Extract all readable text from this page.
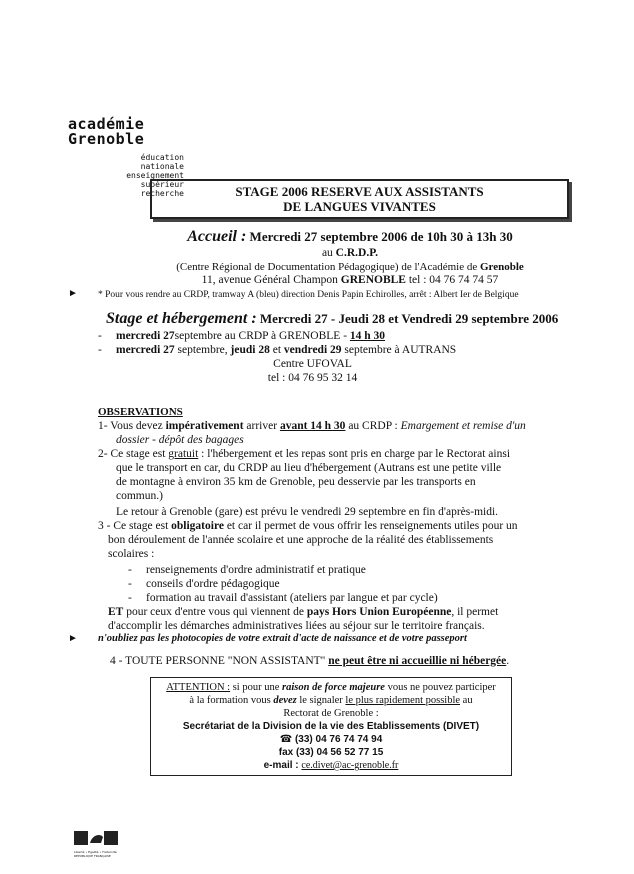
académie
Grenoble
éducation
nationale
enseignement
supérieur
recherche	STAGE 2006 RESERVE AUX ASSISTANTS
DE LANGUES VIVANTES
Accueil : Mercredi 27 septembre 2006 de 10h 30 à 13h 30
au C.R.D.P.
(Centre Régional de Documentation Pédagogique) de l'Académie de Grenoble
11, avenue Général Champon GRENOBLE tel : 04 76 74 74 57
► * Pour vous rendre au CRDP, tramway A (bleu) direction Denis Papin Echirolles, arrêt : Albert Ier de Belgique
Stage et hébergement : Mercredi 27 - Jeudi 28 et Vendredi 29 septembre 2006
- mercredi 27septembre au CRDP à GRENOBLE - 14 h 30
- mercredi 27 septembre, jeudi 28 et vendredi 29 septembre à AUTRANS
Centre UFOVAL
tel : 04 76 95 32 14
OBSERVATIONS
1- Vous devez impérativement arriver avant 14 h 30 au CRDP : Emargement et remise d'un
dossier - dépôt des bagages
2- Ce stage est gratuit : l'hébergement et les repas sont pris en charge par le Rectorat ainsi
que le transport en car, du CRDP au lieu d'hébergement (Autrans est une petite ville
de montagne à environ 35 km de Grenoble, peu desservie par les transports en
commun.)
Le retour à Grenoble (gare) est prévu le vendredi 29 septembre en fin d'après-midi.
3 - Ce stage est obligatoire et car il permet de vous offrir les renseignements utiles pour un
bon déroulement de l'année scolaire et une approche de la réalité des établissements
scolaires :
- renseignements d'ordre administratif et pratique
- conseils d'ordre pédagogique
- formation au travail d'assistant (ateliers par langue et par cycle)
ET pour ceux d'entre vous qui viennent de pays Hors Union Européenne, il permet
d'accomplir les démarches administratives liées au séjour sur le territoire français.
► n'oubliez pas les photocopies de votre extrait d'acte de naissance et de votre passeport
4 - TOUTE PERSONNE "NON ASSISTANT" ne peut être ni accueillie ni hébergée.
ATTENTION : si pour une raison de force majeure vous ne pouvez participer
à la formation vous devez le signaler le plus rapidement possible au
Rectorat de Grenoble :
Secrétariat de la Division de la vie des Etablissements (DIVET)
☎ (33) 04 76 74 74 94
fax (33) 04 56 52 77 15
e-mail : ce.divet@ac-grenoble.fr
Liberté • Égalité • Fraternité
RÉPUBLIQUE FRANÇAISE
